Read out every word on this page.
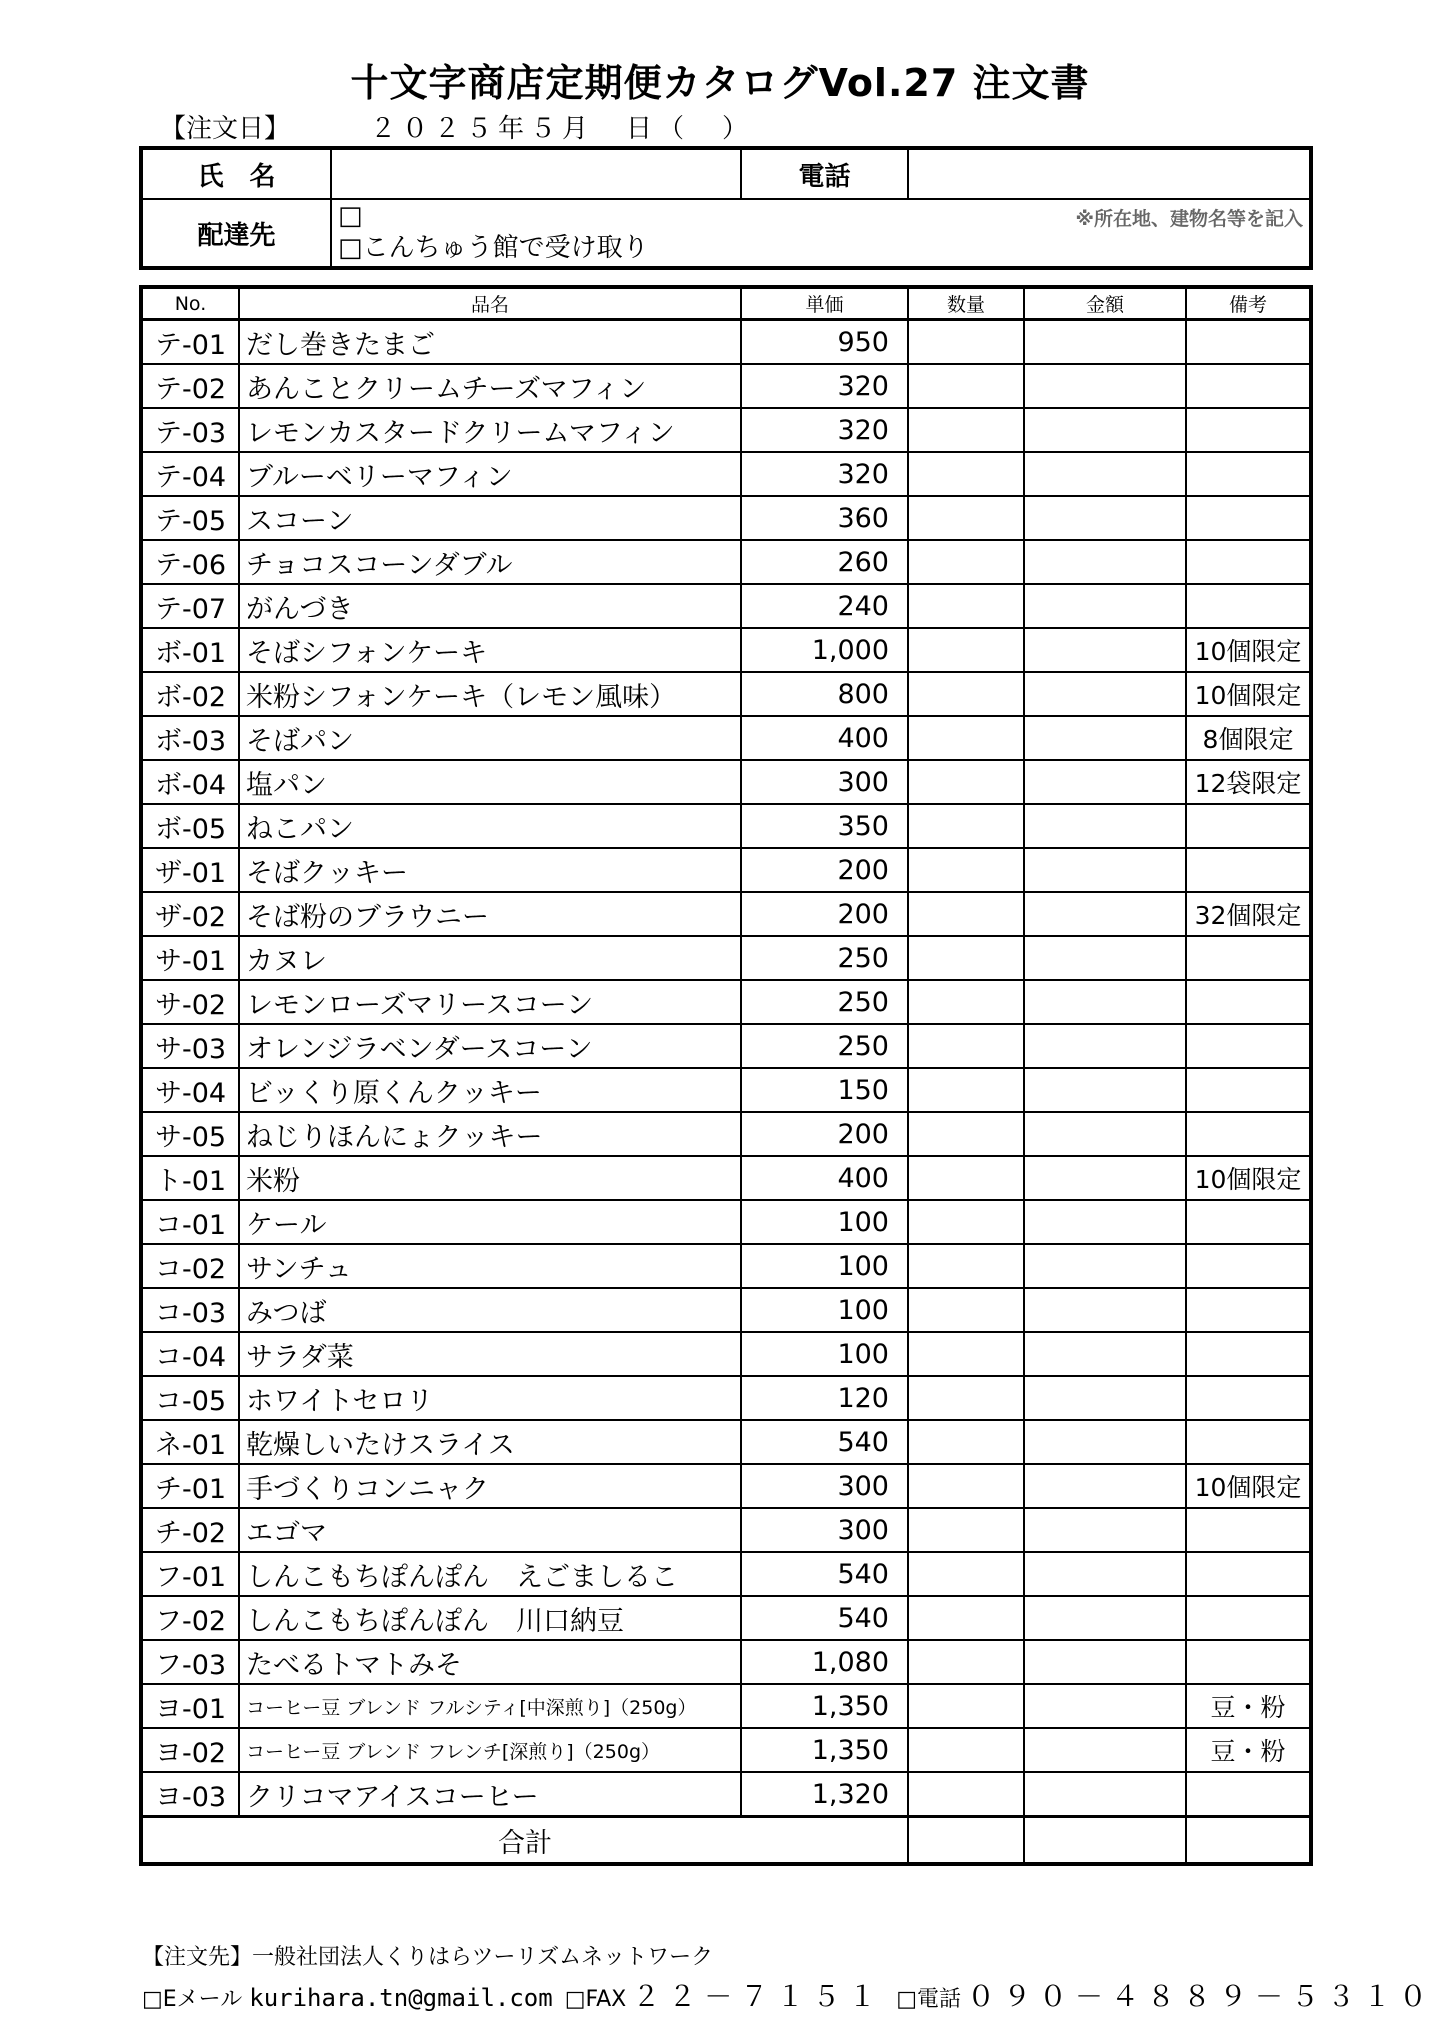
十文字商店定期便カタログVol.27 注文書
【注文日】	２０２５年５月　日（　）
氏　名		電話	
配達先	□
□こんちゅう館で受け取り
※所在地、建物名等を記入		
No.	品名	単価	数量	金額	備考
テ-01	だし巻きたまご	950			
テ-02	あんことクリームチーズマフィン	320			
テ-03	レモンカスタードクリームマフィン	320			
テ-04	ブルーベリーマフィン	320			
テ-05	スコーン	360			
テ-06	チョコスコーンダブル	260			
テ-07	がんづき	240			
ボ-01	そばシフォンケーキ	1,000			10個限定
ボ-02	米粉シフォンケーキ（レモン風味）	800			10個限定
ボ-03	そばパン	400			8個限定
ボ-04	塩パン	300			12袋限定
ボ-05	ねこパン	350			
ザ-01	そばクッキー	200			
ザ-02	そば粉のブラウニー	200			32個限定
サ-01	カヌレ	250			
サ-02	レモンローズマリースコーン	250			
サ-03	オレンジラベンダースコーン	250			
サ-04	ビッくり原くんクッキー	150			
サ-05	ねじりほんにょクッキー	200			
ト-01	米粉	400			10個限定
コ-01	ケール	100			
コ-02	サンチュ	100			
コ-03	みつば	100			
コ-04	サラダ菜	100			
コ-05	ホワイトセロリ	120			
ネ-01	乾燥しいたけスライス	540			
チ-01	手づくりコンニャク	300			10個限定
チ-02	エゴマ	300			
フ-01	しんこもちぽんぽん　えごましるこ	540			
フ-02	しんこもちぽんぽん　川口納豆	540			
フ-03	たべるトマトみそ	1,080			
ヨ-01	コーヒー豆 ブレンド フルシティ[中深煎り]（250g）	1,350			豆・粉
ヨ-02	コーヒー豆 ブレンド フレンチ[深煎り]（250g）	1,350			豆・粉
ヨ-03	クリコマアイスコーヒー	1,320			
合計					
【注文先】一般社団法人くりはらツーリズムネットワーク
□Eメール kurihara.tn@gmail.com □FAX ２２－７１５１ □電話 ０９０－４８８９－５３１０
